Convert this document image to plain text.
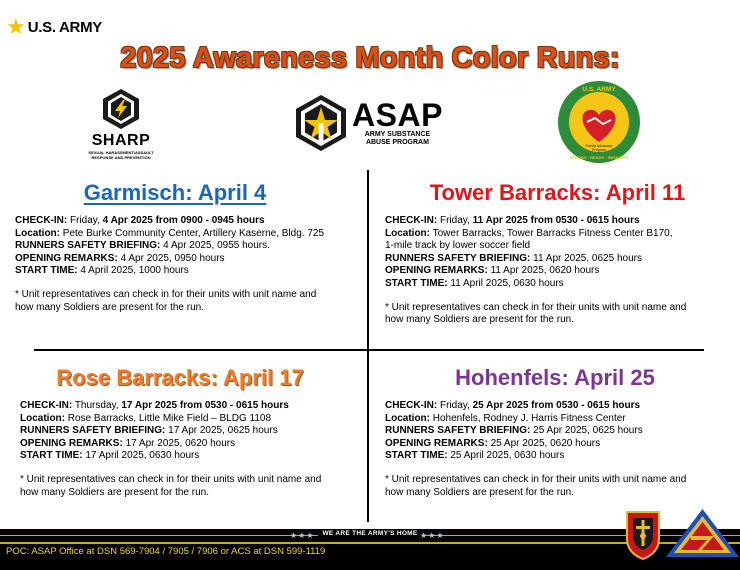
★ U.S. ARMY
2025 Awareness Month Color Runs:
SHARP
SEXUAL HARASSMENT/ASSAULT RESPONSE AND PREVENTION
ASAP
ARMY SUBSTANCE
ABUSE PROGRAM
U.S. ARMY
Family Advocacy
Program
STRONG · READY · RESILIENT
Garmisch: April 4
CHECK-IN: Friday, 4 Apr 2025 from 0900 - 0945 hours
Location: Pete Burke Community Center, Artillery Kaserne, Bldg. 725
RUNNERS SAFETY BRIEFING: 4 Apr 2025, 0955 hours.
OPENING REMARKS: 4 Apr 2025, 0950 hours
START TIME: 4 April 2025, 1000 hours
* Unit representatives can check in for their units with unit name and
how many Soldiers are present for the run.
Tower Barracks: April 11
CHECK-IN: Friday, 11 Apr 2025 from 0530 - 0615 hours
Location: Tower Barracks, Tower Barracks Fitness Center B170,
1-mile track by lower soccer field
RUNNERS SAFETY BRIEFING: 11 Apr 2025, 0625 hours
OPENING REMARKS: 11 Apr 2025, 0620 hours
START TIME: 11 April 2025, 0630 hours
* Unit representatives can check in for their units with unit name and
how many Soldiers are present for the run.
Rose Barracks: April 17
CHECK-IN: Thursday, 17 Apr 2025 from 0530 - 0615 hours
Location: Rose Barracks, Little Mike Field – BLDG 1108
RUNNERS SAFETY BRIEFING: 17 Apr 2025, 0625 hours
OPENING REMARKS: 17 Apr 2025, 0620 hours
START TIME: 17 April 2025, 0630 hours
* Unit representatives can check in for their units with unit name and
how many Soldiers are present for the run.
Hohenfels: April 25
CHECK-IN: Friday, 25 Apr 2025 from 0530 - 0615 hours
Location: Hohenfels, Rodney J. Harris Fitness Center
RUNNERS SAFETY BRIEFING: 25 Apr 2025, 0625 hours
OPENING REMARKS: 25 Apr 2025, 0620 hours
START TIME: 25 April 2025, 0630 hours
* Unit representatives can check in for their units with unit name and
how many Soldiers are present for the run.
WE ARE THE ARMY'S HOME
★★★	★★★
POC: ASAP Office at DSN 569-7904 / 7905 / 7906 or ACS at DSN 599-1119
